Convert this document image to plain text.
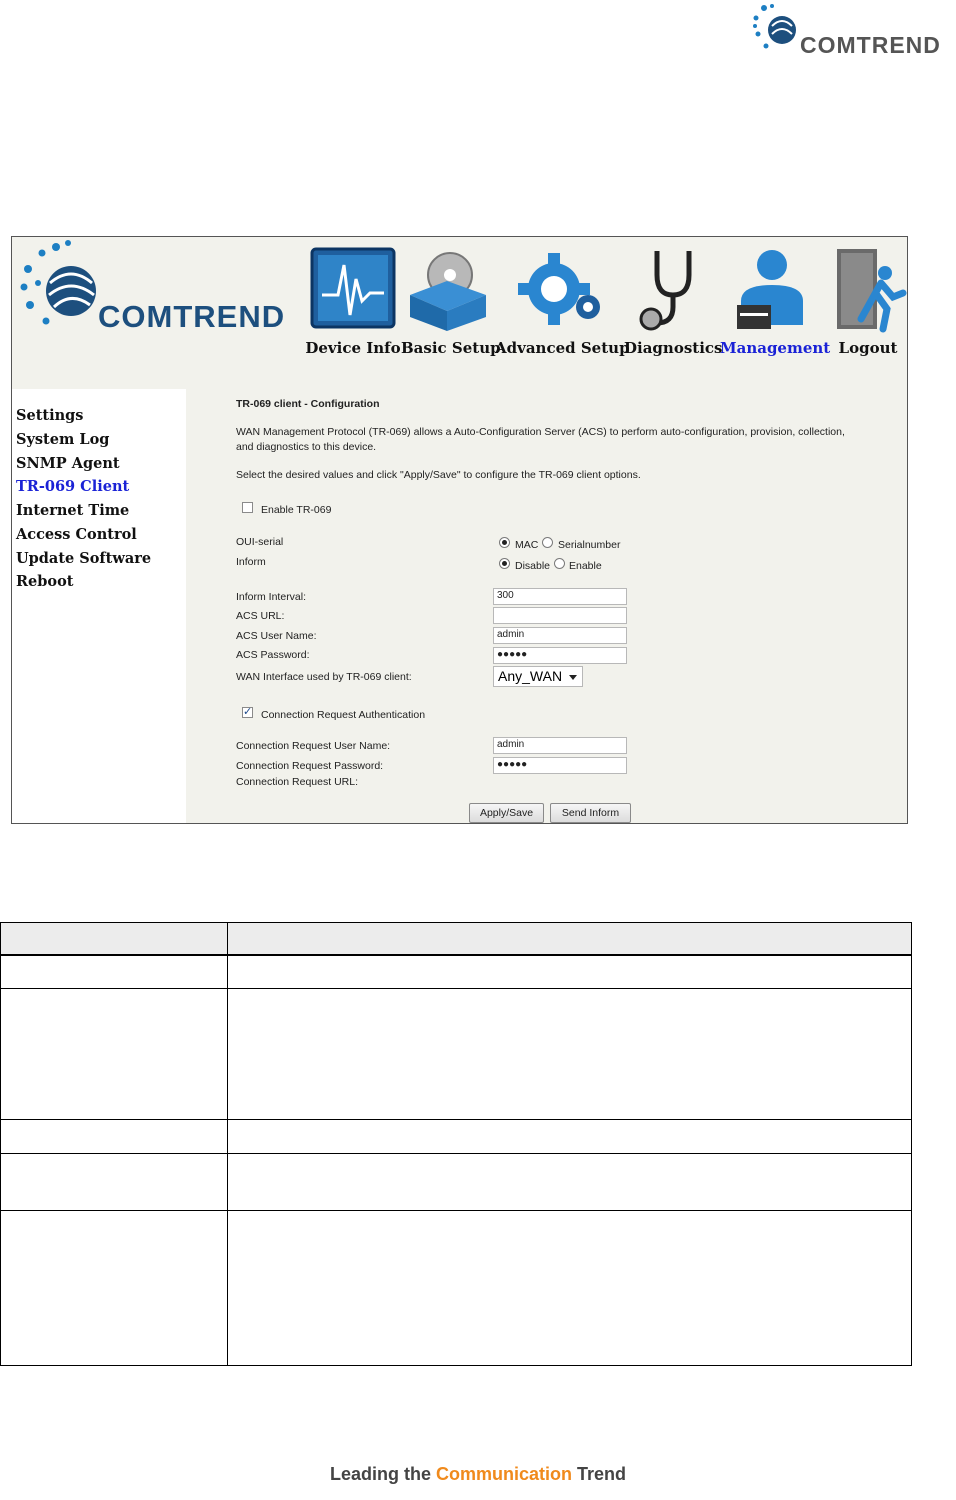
COMTREND
COMTREND
Device Info Basic Setup
Advanced Setup
Diagnostics
Management Logout
Settings
System Log
SNMP Agent
TR-069 Client
Internet Time
Access Control
Update Software
Reboot
TR-069 client - Configuration
WAN Management Protocol (TR-069) allows a Auto-Configuration Server (ACS) to perform auto-configuration, provision, collection,
and diagnostics to this device.
Select the desired values and click "Apply/Save" to configure the TR-069 client options.
Enable TR-069
OUI-serial	MAC Serialnumber
Inform	Disable Enable
Inform Interval:	300
ACS URL:
ACS User Name:	admin
ACS Password:	●●●●●
WAN Interface used by TR-069 client:	Any_WAN
✓
Connection Request Authentication
Connection Request User Name:	admin
Connection Request Password:	●●●●●
Connection Request URL:
Apply/Save	Send Inform

Leading the Communication Trend
